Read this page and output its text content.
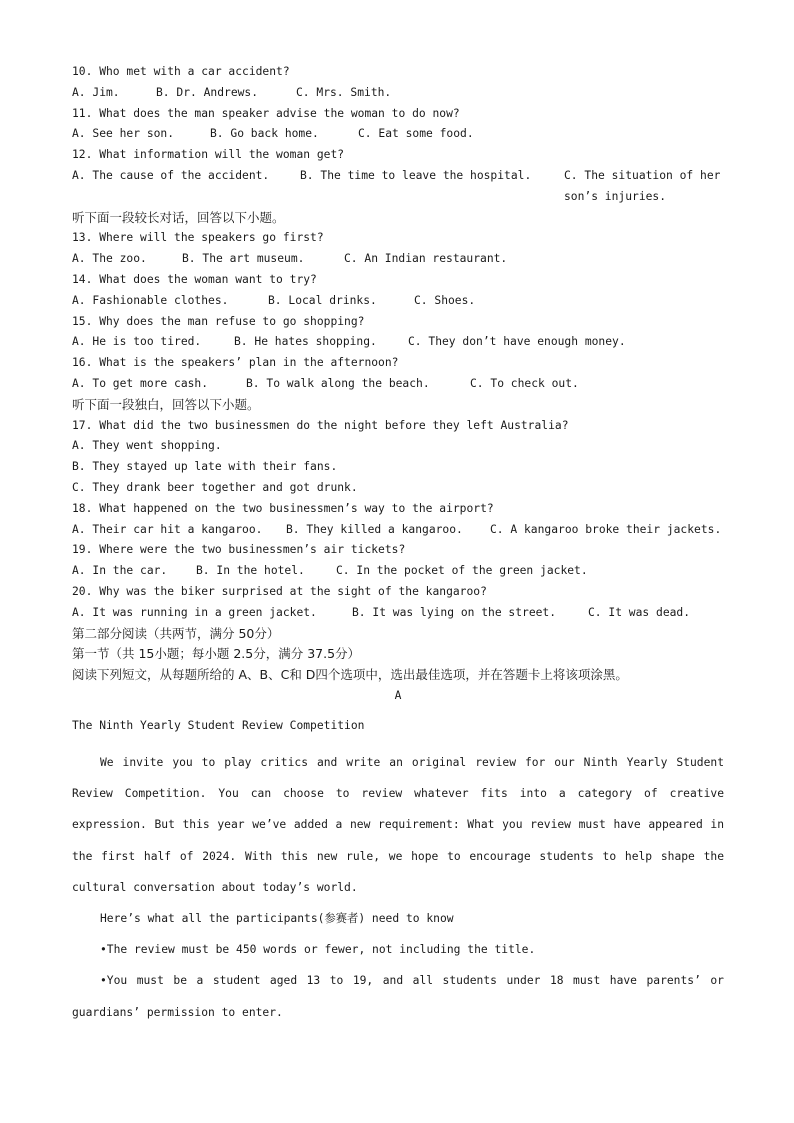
10. Who met with a car accident?
A. Jim.	B. Dr. Andrews.	C. Mrs. Smith.
11. What does the man speaker advise the woman to do now?
A. See her son.	B. Go back home.	C. Eat some food.
12. What information will the woman get?
A. The cause of the accident.	B. The time to leave the hospital.	C. The situation of her son’s injuries.
听下面一段较长对话，回答以下小题。
13. Where will the speakers go first?
A. The zoo.	B. The art museum.	C. An Indian restaurant.
14. What does the woman want to try?
A. Fashionable clothes.	B. Local drinks.	C. Shoes.
15. Why does the man refuse to go shopping?
A. He is too tired.	B. He hates shopping.	C. They don’t have enough money.
16. What is the speakers’ plan in the afternoon?
A. To get more cash.	B. To walk along the beach.	C. To check out.
听下面一段独白，回答以下小题。
17. What did the two businessmen do the night before they left Australia?
A. They went shopping.
B. They stayed up late with their fans.
C. They drank beer together and got drunk.
18. What happened on the two businessmen’s way to the airport?
A. Their car hit a kangaroo.	B. They killed a kangaroo.	C. A kangaroo broke their jackets.
19. Where were the two businessmen’s air tickets?
A. In the car.	B. In the hotel.	C. In the pocket of the green jacket.
20. Why was the biker surprised at the sight of the kangaroo?
A. It was running in a green jacket.	B. It was lying on the street.	C. It was dead.
第二部分阅读（共两节，满分 50分）
第一节（共 15小题；每小题 2.5分，满分 37.5分）
阅读下列短文，从每题所给的 A、B、C和 D四个选项中，选出最佳选项，并在答题卡上将该项涂黑。
A
The Ninth Yearly Student Review Competition
We invite you to play critics and write an original review for our Ninth Yearly Student Review Competition. You can choose to review whatever fits into a category of creative expression. But this year we’ve added a new requirement: What you review must have appeared in the first half of 2024. With this new rule, we hope to encourage students to help shape the cultural conversation about today’s world.
Here’s what all the participants(参赛者) need to know
•The review must be 450 words or fewer, not including the title.
•You must be a student aged 13 to 19, and all students under 18 must have parents’ or guardians’ permission to enter.
